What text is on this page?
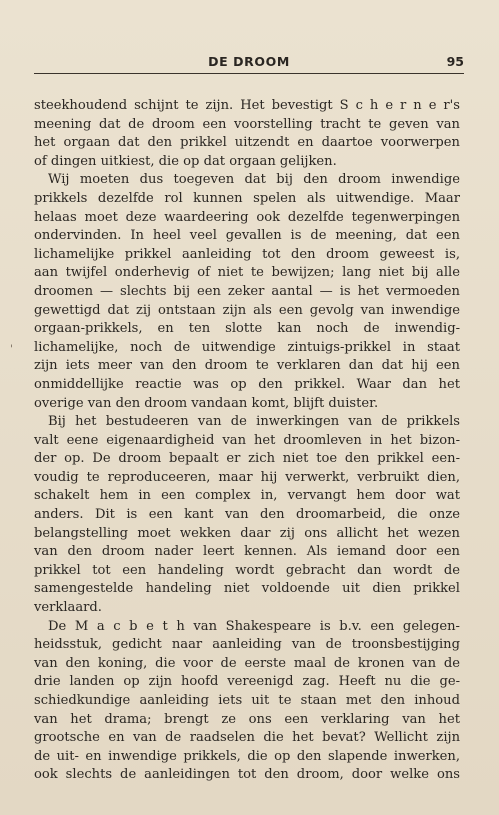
DE DROOM	95
'
steekhoudend schijnt te zijn. Het bevestigt S c h e r n e r's
meening dat de droom een voorstelling tracht te geven van
het orgaan dat den prikkel uitzendt en daartoe voorwerpen
of dingen uitkiest, die op dat orgaan gelijken.
Wij moeten dus toegeven dat bij den droom inwendige
prikkels dezelfde rol kunnen spelen als uitwendige. Maar
helaas moet deze waardeering ook dezelfde tegenwerpingen
ondervinden. In heel veel gevallen is de meening, dat een
lichamelijke prikkel aanleiding tot den droom geweest is,
aan twijfel onderhevig of niet te bewijzen; lang niet bij alle
droomen — slechts bij een zeker aantal — is het vermoeden
gewettigd dat zij ontstaan zijn als een gevolg van inwendige
orgaan-prikkels, en ten slotte kan noch de inwendig-
lichamelijke, noch de uitwendige zintuigs-prikkel in staat
zijn iets meer van den droom te verklaren dan dat hij een
onmiddellijke reactie was op den prikkel. Waar dan het
overige van den droom vandaan komt, blijft duister.
Bij het bestudeeren van de inwerkingen van de prikkels
valt eene eigenaardigheid van het droomleven in het bizon-
der op. De droom bepaalt er zich niet toe den prikkel een-
voudig te reproduceeren, maar hij verwerkt, verbruikt dien,
schakelt hem in een complex in, vervangt hem door wat
anders. Dit is een kant van den droomarbeid, die onze
belangstelling moet wekken daar zij ons allicht het wezen
van den droom nader leert kennen. Als iemand door een
prikkel tot een handeling wordt gebracht dan wordt de
samengestelde handeling niet voldoende uit dien prikkel
verklaard.
De M a c b e t h van Shakespeare is b.v. een gelegen-
heidsstuk, gedicht naar aanleiding van de troonsbestijging
van den koning, die voor de eerste maal de kronen van de
drie landen op zijn hoofd vereenigd zag. Heeft nu die ge-
schiedkundige aanleiding iets uit te staan met den inhoud
van het drama; brengt ze ons een verklaring van het
grootsche en van de raadselen die het bevat? Wellicht zijn
de uit- en inwendige prikkels, die op den slapende inwerken,
ook slechts de aanleidingen tot den droom, door welke ons
